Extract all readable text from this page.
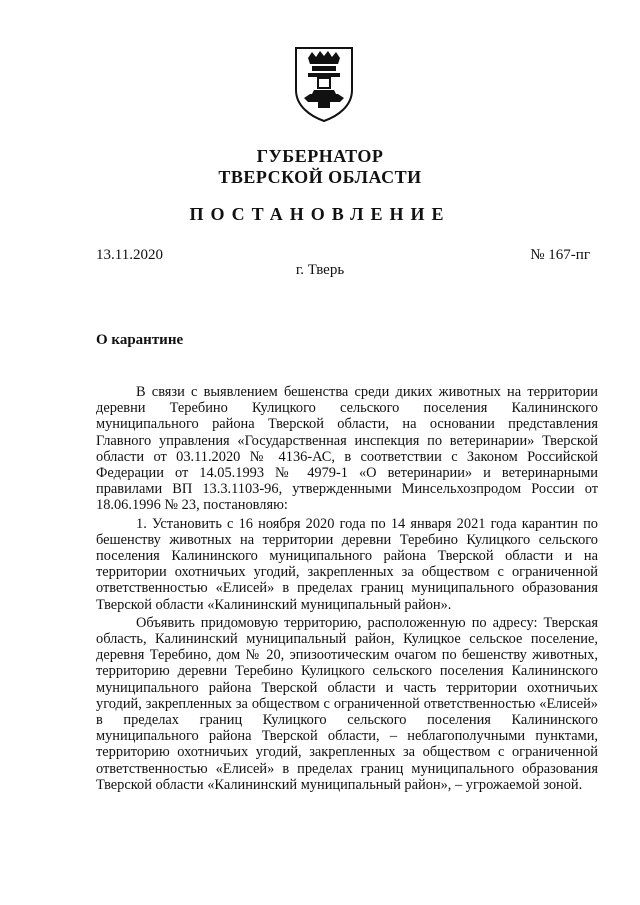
ГУБЕРНАТОР
ТВЕРСКОЙ ОБЛАСТИ
ПОСТАНОВЛЕНИЕ
13.11.2020	№ 167-пг
г. Тверь
О карантине

В связи с выявлением бешенства среди диких животных на территории деревни Теребино Кулицкого сельского поселения Калининского муниципального района Тверской области, на основании представления Главного управления «Государственная инспекция по ветеринарии» Тверской области от 03.11.2020 № 4136-АС, в соответствии с Законом Российской Федерации от 14.05.1993 № 4979-1 «О ветеринарии» и ветеринарными правилами ВП 13.3.1103-96, утвержденными Минсельхозпродом России от 18.06.1996 № 23, постановляю:

1. Установить с 16 ноября 2020 года по 14 января 2021 года карантин по бешенству животных на территории деревни Теребино Кулицкого сельского поселения Калининского муниципального района Тверской области и на территории охотничьих угодий, закрепленных за обществом с ограниченной ответственностью «Елисей» в пределах границ муниципального образования Тверской области «Калининский муниципальный район».

Объявить придомовую территорию, расположенную по адресу: Тверская область, Калининский муниципальный район, Кулицкое сельское поселение, деревня Теребино, дом № 20, эпизоотическим очагом по бешенству животных, территорию деревни Теребино Кулицкого сельского поселения Калининского муниципального района Тверской области и часть территории охотничьих угодий, закрепленных за обществом с ограниченной ответственностью «Елисей» в пределах границ Кулицкого сельского поселения Калининского муниципального района Тверской области, – неблагополучными пунктами, территорию охотничьих угодий, закрепленных за обществом с ограниченной ответственностью «Елисей» в пределах границ муниципального образования Тверской области «Калининский муниципальный район», – угрожаемой зоной.
